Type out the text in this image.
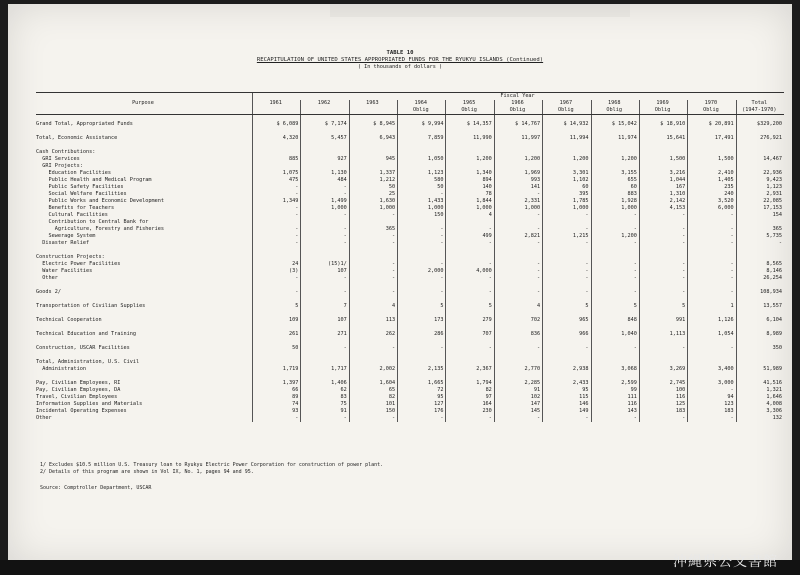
TABLE 10
RECAPITULATION OF UNITED STATES APPROPRIATED FUNDS FOR THE RYUKYU ISLANDS (Continued)
( In thousands of dollars )
	Fiscal Year										
Purpose	1961	1962	1963	1964	1965	1966	1967	1968	1969	1970	Total
				Oblig	Oblig	Oblig	Oblig	Oblig	Oblig	Oblig	(1947-1970)

Grand Total, Appropriated Funds	$ 6,089	$ 7,174	$ 8,945	$ 9,994	$ 14,357	$ 14,767	$ 14,932	$ 15,042	$ 18,910	$ 20,891	$329,200

Total, Economic Assistance	4,320	5,457	6,943	7,859	11,990	11,997	11,994	11,974	15,641	17,491	276,921

Cash Contributions:											
GRI Services	885	927	945	1,050	1,200	1,200	1,200	1,200	1,500	1,500	14,467
GRI Projects:											
Education Facilities	1,075	1,130	1,337	1,123	1,340	1,969	3,301	3,155	3,216	2,410	22,936
Public Health and Medical Program	475	484	1,212	580	894	993	1,102	655	1,044	1,405	9,423
Public Safety Facilities	-	-	50	50	140	141	60	60	167	235	1,123
Social Welfare Facilities	-	-	25	-	78	-	395	883	1,310	240	2,931
Public Works and Economic Development	1,349	1,499	1,630	1,433	1,844	2,331	1,785	1,928	2,142	3,520	22,085
Benefits for Teachers	-	1,000	1,000	1,000	1,000	1,000	1,000	1,000	4,153	6,000	17,153
Cultural Facilities	-	-	-	150	4	-	-	-	-	-	154
Contribution to Central Bank for											
Agriculture, Forestry and Fisheries	-	-	365	-	-	-	-	-	-	-	365
Sewerage System	-	-	-	-	499	2,821	1,215	1,200	-	-	5,735
Disaster Relief	-	-	-	-	-	-	-	-	-	-	-

Construction Projects:											
Electric Power Facilities	24	(15)1/	-	-	-	-	-	-	-	-	8,565
Water Facilities	(3)	107	-	2,000	4,000	-	-	-	-	-	8,146
Other	-	-	-	-	-	-	-	-	-	-	26,254

Goods 2/	-	-	-	-	-	-	-	-	-	-	108,934

Transportation of Civilian Supplies	5	7	4	5	5	4	5	5	5	1	13,557

Technical Cooperation	109	107	113	173	279	702	965	848	991	1,126	6,104

Technical Education and Training	261	271	262	286	707	836	966	1,040	1,113	1,054	8,989

Construction, USCAR Facilities	50	-	-	-	-	-	-	-	-	-	350

Total, Administration, U.S. Civil											
Administration	1,719	1,717	2,002	2,135	2,367	2,770	2,938	3,068	3,269	3,400	51,989

Pay, Civilian Employees, RI	1,397	1,406	1,604	1,665	1,794	2,285	2,433	2,599	2,745	3,000	41,516
Pay, Civilian Employees, DA	66	62	65	72	82	91	95	99	100	-	1,321
Travel, Civilian Employees	89	83	82	95	97	102	115	111	116	94	1,646
Information Supplies and Materials	74	75	101	127	164	147	146	116	125	123	4,008
Incidental Operating Expenses	93	91	150	176	230	145	149	143	183	183	3,306
Other	-	-	-	-	-	-	-	-	-	-	132
1/ Excludes $10.5 million U.S. Treasury loan to Ryukyu Electric Power Corporation for construction of power plant.
2/ Details of this program are shown in Vol IX, No. 1, pages 94 and 95.
Source: Comptroller Department, USCAR
沖縄県公文書館
